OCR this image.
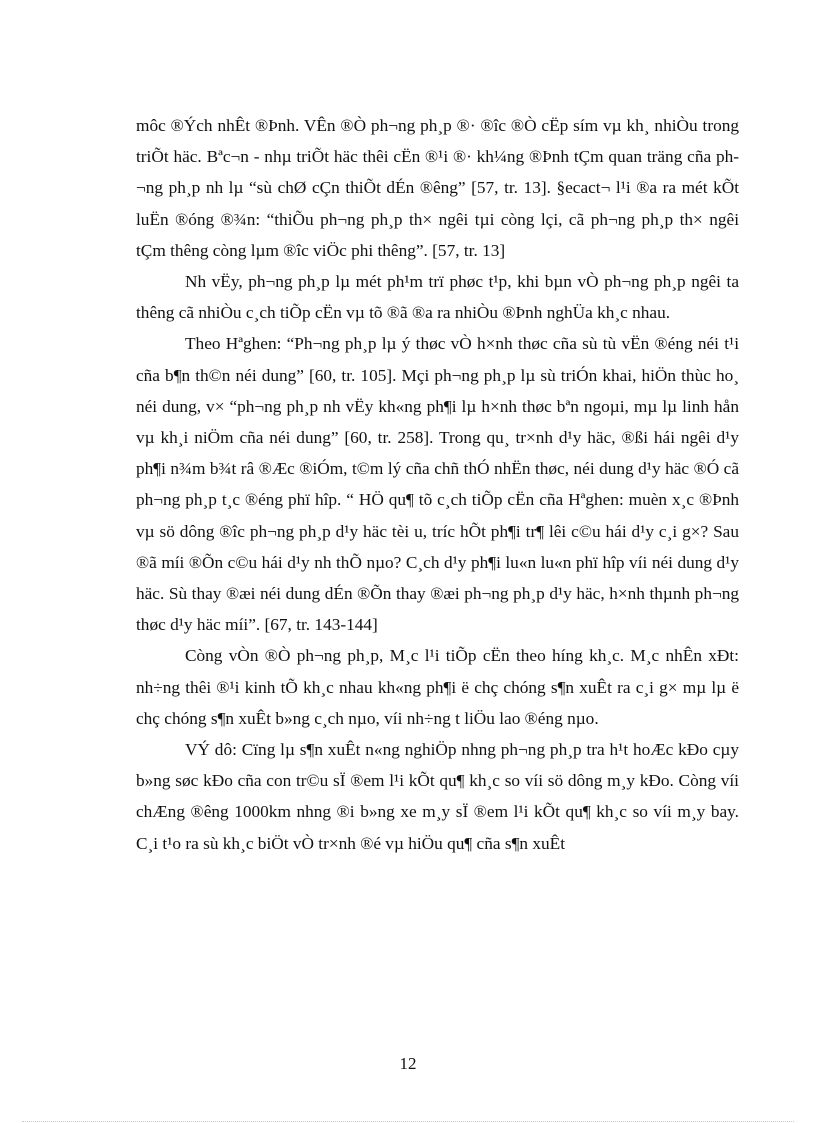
môc ®Ých nhÊt ®Þnh. VÊn ®Ò ph¬ng ph¸p ®· ®îc ®Ò cËp sím vµ kh¸ nhiÒu trong triÕt häc. Bªc¬n - nhµ triÕt häc thêi cËn ®¹i ®· kh¼ng ®Þnh tÇm quan träng cña ph¬ng ph¸p nh lµ “sù chØ cÇn thiÕt dÉn ®êng” [57, tr. 13]. §ecact¬ l¹i ®a ra mét kÕt luËn ®óng ®¾n: “thiÕu ph¬ng ph¸p th× ngêi tµi còng lçi, cã ph¬ng ph¸p th× ngêi tÇm thêng còng lµm ®îc viÖc phi thêng”. [57, tr. 13]

Nh vËy, ph¬ng ph¸p lµ mét ph¹m trï phøc t¹p, khi bµn vÒ ph¬ng ph¸p ngêi ta thêng cã nhiÒu c¸ch tiÕp cËn vµ tõ ®ã ®a ra nhiÒu ®Þnh nghÜa kh¸c nhau.

Theo Hªghen: “Ph¬ng ph¸p lµ ý thøc vÒ h×nh thøc cña sù tù vËn ®éng néi t¹i cña b¶n th©n néi dung” [60, tr. 105]. Mçi ph¬ng ph¸p lµ sù triÓn khai, hiÖn thùc ho¸ néi dung, v× “ph¬ng ph¸p nh vËy kh«ng ph¶i lµ h×nh thøc bªn ngoµi, mµ lµ linh hån vµ kh¸i niÖm cña néi dung” [60, tr. 258]. Trong qu¸ tr×nh d¹y häc, ®ßi hái ngêi d¹y ph¶i n¾m b¾t râ ®Æc ®iÓm, t©m lý cña chñ thÓ nhËn thøc, néi dung d¹y häc ®Ó cã ph¬ng ph¸p t¸c ®éng phï hîp. “ HÖ qu¶ tõ c¸ch tiÕp cËn cña Hªghen: muèn x¸c ®Þnh vµ sö dông ®îc ph¬ng ph¸p d¹y häc tèi u, tríc hÕt ph¶i tr¶ lêi c©u hái d¹y c¸i g×? Sau ®ã míi ®Õn c©u hái d¹y nh thÕ nµo? C¸ch d¹y ph¶i lu«n lu«n phï hîp víi néi dung d¹y häc. Sù thay ®æi néi dung dÉn ®Õn thay ®æi ph¬ng ph¸p d¹y häc, h×nh thµnh ph¬ng thøc d¹y häc míi”. [67, tr. 143-144]

Còng vÒn ®Ò ph¬ng ph¸p, M¸c l¹i tiÕp cËn theo híng kh¸c. M¸c nhÊn xÐt: nh÷ng thêi ®¹i kinh tÕ kh¸c nhau kh«ng ph¶i ë chç chóng s¶n xuÊt ra c¸i g× mµ lµ ë chç chóng s¶n xuÊt b»ng c¸ch nµo, víi nh÷ng t liÖu lao ®éng nµo.

VÝ dô: Cïng lµ s¶n xuÊt n«ng nghiÖp nhng ph¬ng ph¸p tra h¹t hoÆc kÐo cµy b»ng søc kÐo cña con tr©u sÏ ®em l¹i kÕt qu¶ kh¸c so víi sö dông m¸y kÐo. Còng víi chÆng ®êng 1000km nhng ®i b»ng xe m¸y sÏ ®em l¹i kÕt qu¶ kh¸c so víi m¸y bay. C¸i t¹o ra sù kh¸c biÖt vÒ tr×nh ®é vµ hiÖu qu¶ cña s¶n xuÊt

12
